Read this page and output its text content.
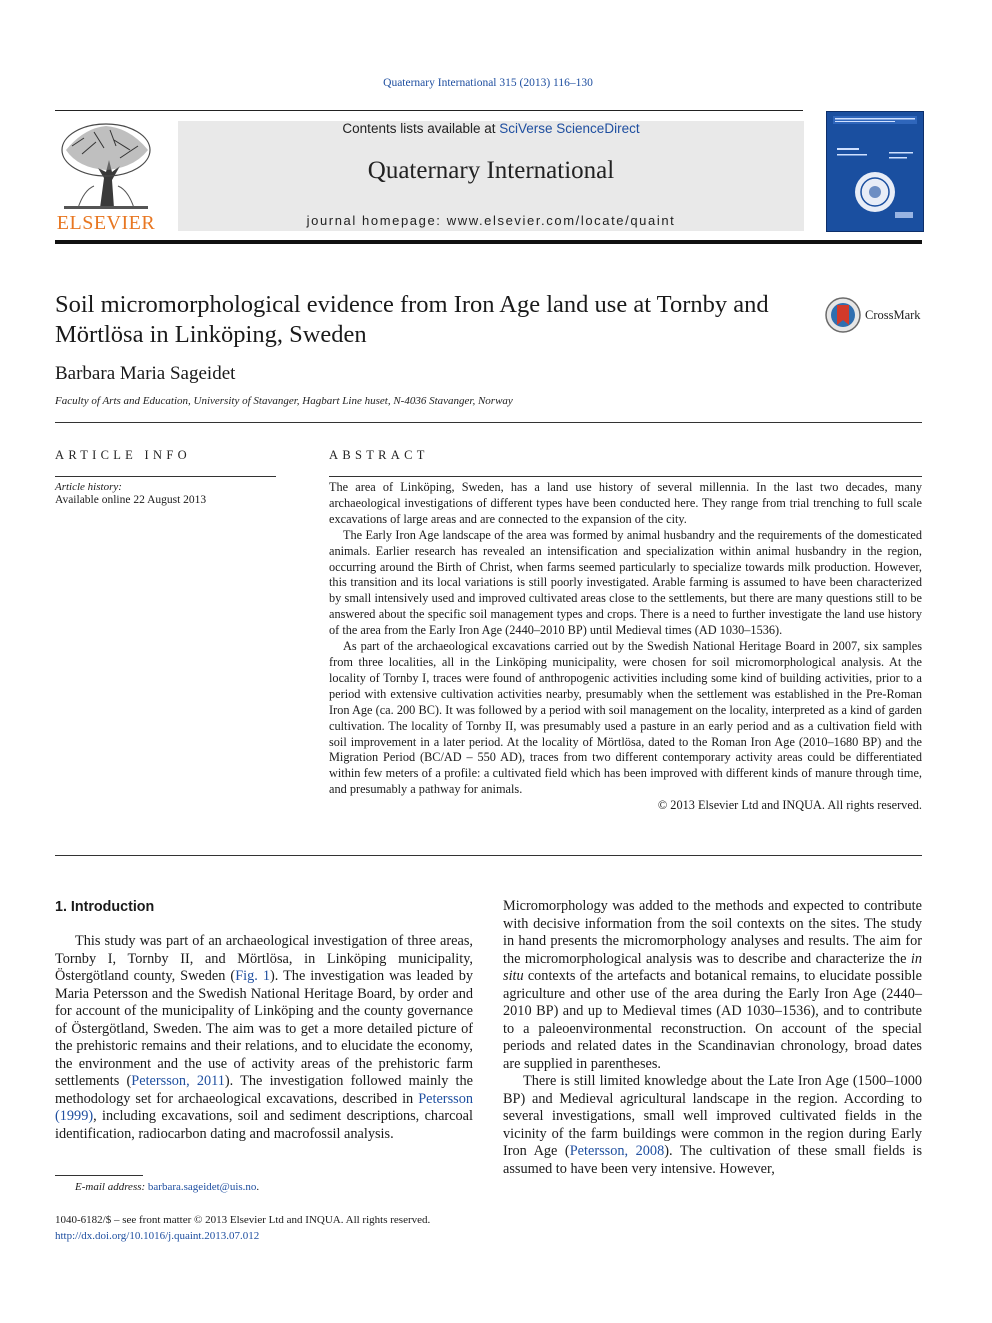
Quaternary International 315 (2013) 116–130
ELSEVIER
Contents lists available at SciVerse ScienceDirect
Quaternary International
journal homepage: www.elsevier.com/locate/quaint
Soil micromorphological evidence from Iron Age land use at Tornby and Mörtlösa in Linköping, Sweden
CrossMark
Barbara Maria Sageidet
Faculty of Arts and Education, University of Stavanger, Hagbart Line huset, N-4036 Stavanger, Norway
ARTICLE INFO
Article history:
Available online 22 August 2013
ABSTRACT

The area of Linköping, Sweden, has a land use history of several millennia. In the last two decades, many archaeological investigations of different types have been conducted here. They range from trial trenching to full scale excavations of large areas and are connected to the expansion of the city.

The Early Iron Age landscape of the area was formed by animal husbandry and the requirements of the domesticated animals. Earlier research has revealed an intensification and specialization within animal husbandry in the region, occurring around the Birth of Christ, when farms seemed particularly to specialize towards milk production. However, this transition and its local variations is still poorly investigated. Arable farming is assumed to have been characterized by small intensively used and improved cultivated areas close to the settlements, but there are many questions still to be answered about the specific soil management types and crops. There is a need to further investigate the land use history of the area from the Early Iron Age (2440–2010 BP) until Medieval times (AD 1030–1536).

As part of the archaeological excavations carried out by the Swedish National Heritage Board in 2007, six samples from three localities, all in the Linköping municipality, were chosen for soil micromorphological analysis. At the locality of Tornby I, traces were found of anthropogenic activities including some kind of building activities, prior to a period with extensive cultivation activities nearby, presumably when the settlement was established in the Pre-Roman Iron Age (ca. 200 BC). It was followed by a period with soil management on the locality, interpreted as a kind of garden cultivation. The locality of Tornby II, was presumably used a pasture in an early period and as a cultivation field with soil improvement in a later period. At the locality of Mörtlösa, dated to the Roman Iron Age (2010–1680 BP) and the Migration Period (BC/AD – 550 AD), traces from two different contemporary activity areas could be differentiated within few meters of a profile: a cultivated field which has been improved with different kinds of manure through time, and presumably a pathway for animals.

© 2013 Elsevier Ltd and INQUA. All rights reserved.

1. Introduction

This study was part of an archaeological investigation of three areas, Tornby I, Tornby II, and Mörtlösa, in Linköping municipality, Östergötland county, Sweden (Fig. 1). The investigation was leaded by Maria Petersson and the Swedish National Heritage Board, by order and for account of the municipality of Linköping and the county governance of Östergötland, Sweden. The aim was to get a more detailed picture of the prehistoric remains and their relations, and to elucidate the economy, the environment and the use of activity areas of the prehistoric farm settlements (Petersson, 2011). The investigation followed mainly the methodology set for archaeological excavations, described in Petersson (1999), including excavations, soil and sediment descriptions, charcoal identification, radiocarbon dating and macrofossil analysis.

Micromorphology was added to the methods and expected to contribute with decisive information from the soil contexts on the sites. The study in hand presents the micromorphology analyses and results. The aim for the micromorphological analysis was to describe and characterize the in situ contexts of the artefacts and botanical remains, to elucidate possible agriculture and other use of the area during the Early Iron Age (2440–2010 BP) and up to Medieval times (AD 1030–1536), and to contribute to a paleoenvironmental reconstruction. On account of the special periods and related dates in the Scandinavian chronology, broad dates are supplied in parentheses.

There is still limited knowledge about the Late Iron Age (1500–1000 BP) and Medieval agricultural landscape in the region. According to several investigations, small well improved cultivated fields in the vicinity of the farm buildings were common in the region during Early Iron Age (Petersson, 2008). The cultivation of these small fields is assumed to have been very intensive. However,

E-mail address: barbara.sageidet@uis.no.
1040-6182/$ – see front matter © 2013 Elsevier Ltd and INQUA. All rights reserved.
http://dx.doi.org/10.1016/j.quaint.2013.07.012
